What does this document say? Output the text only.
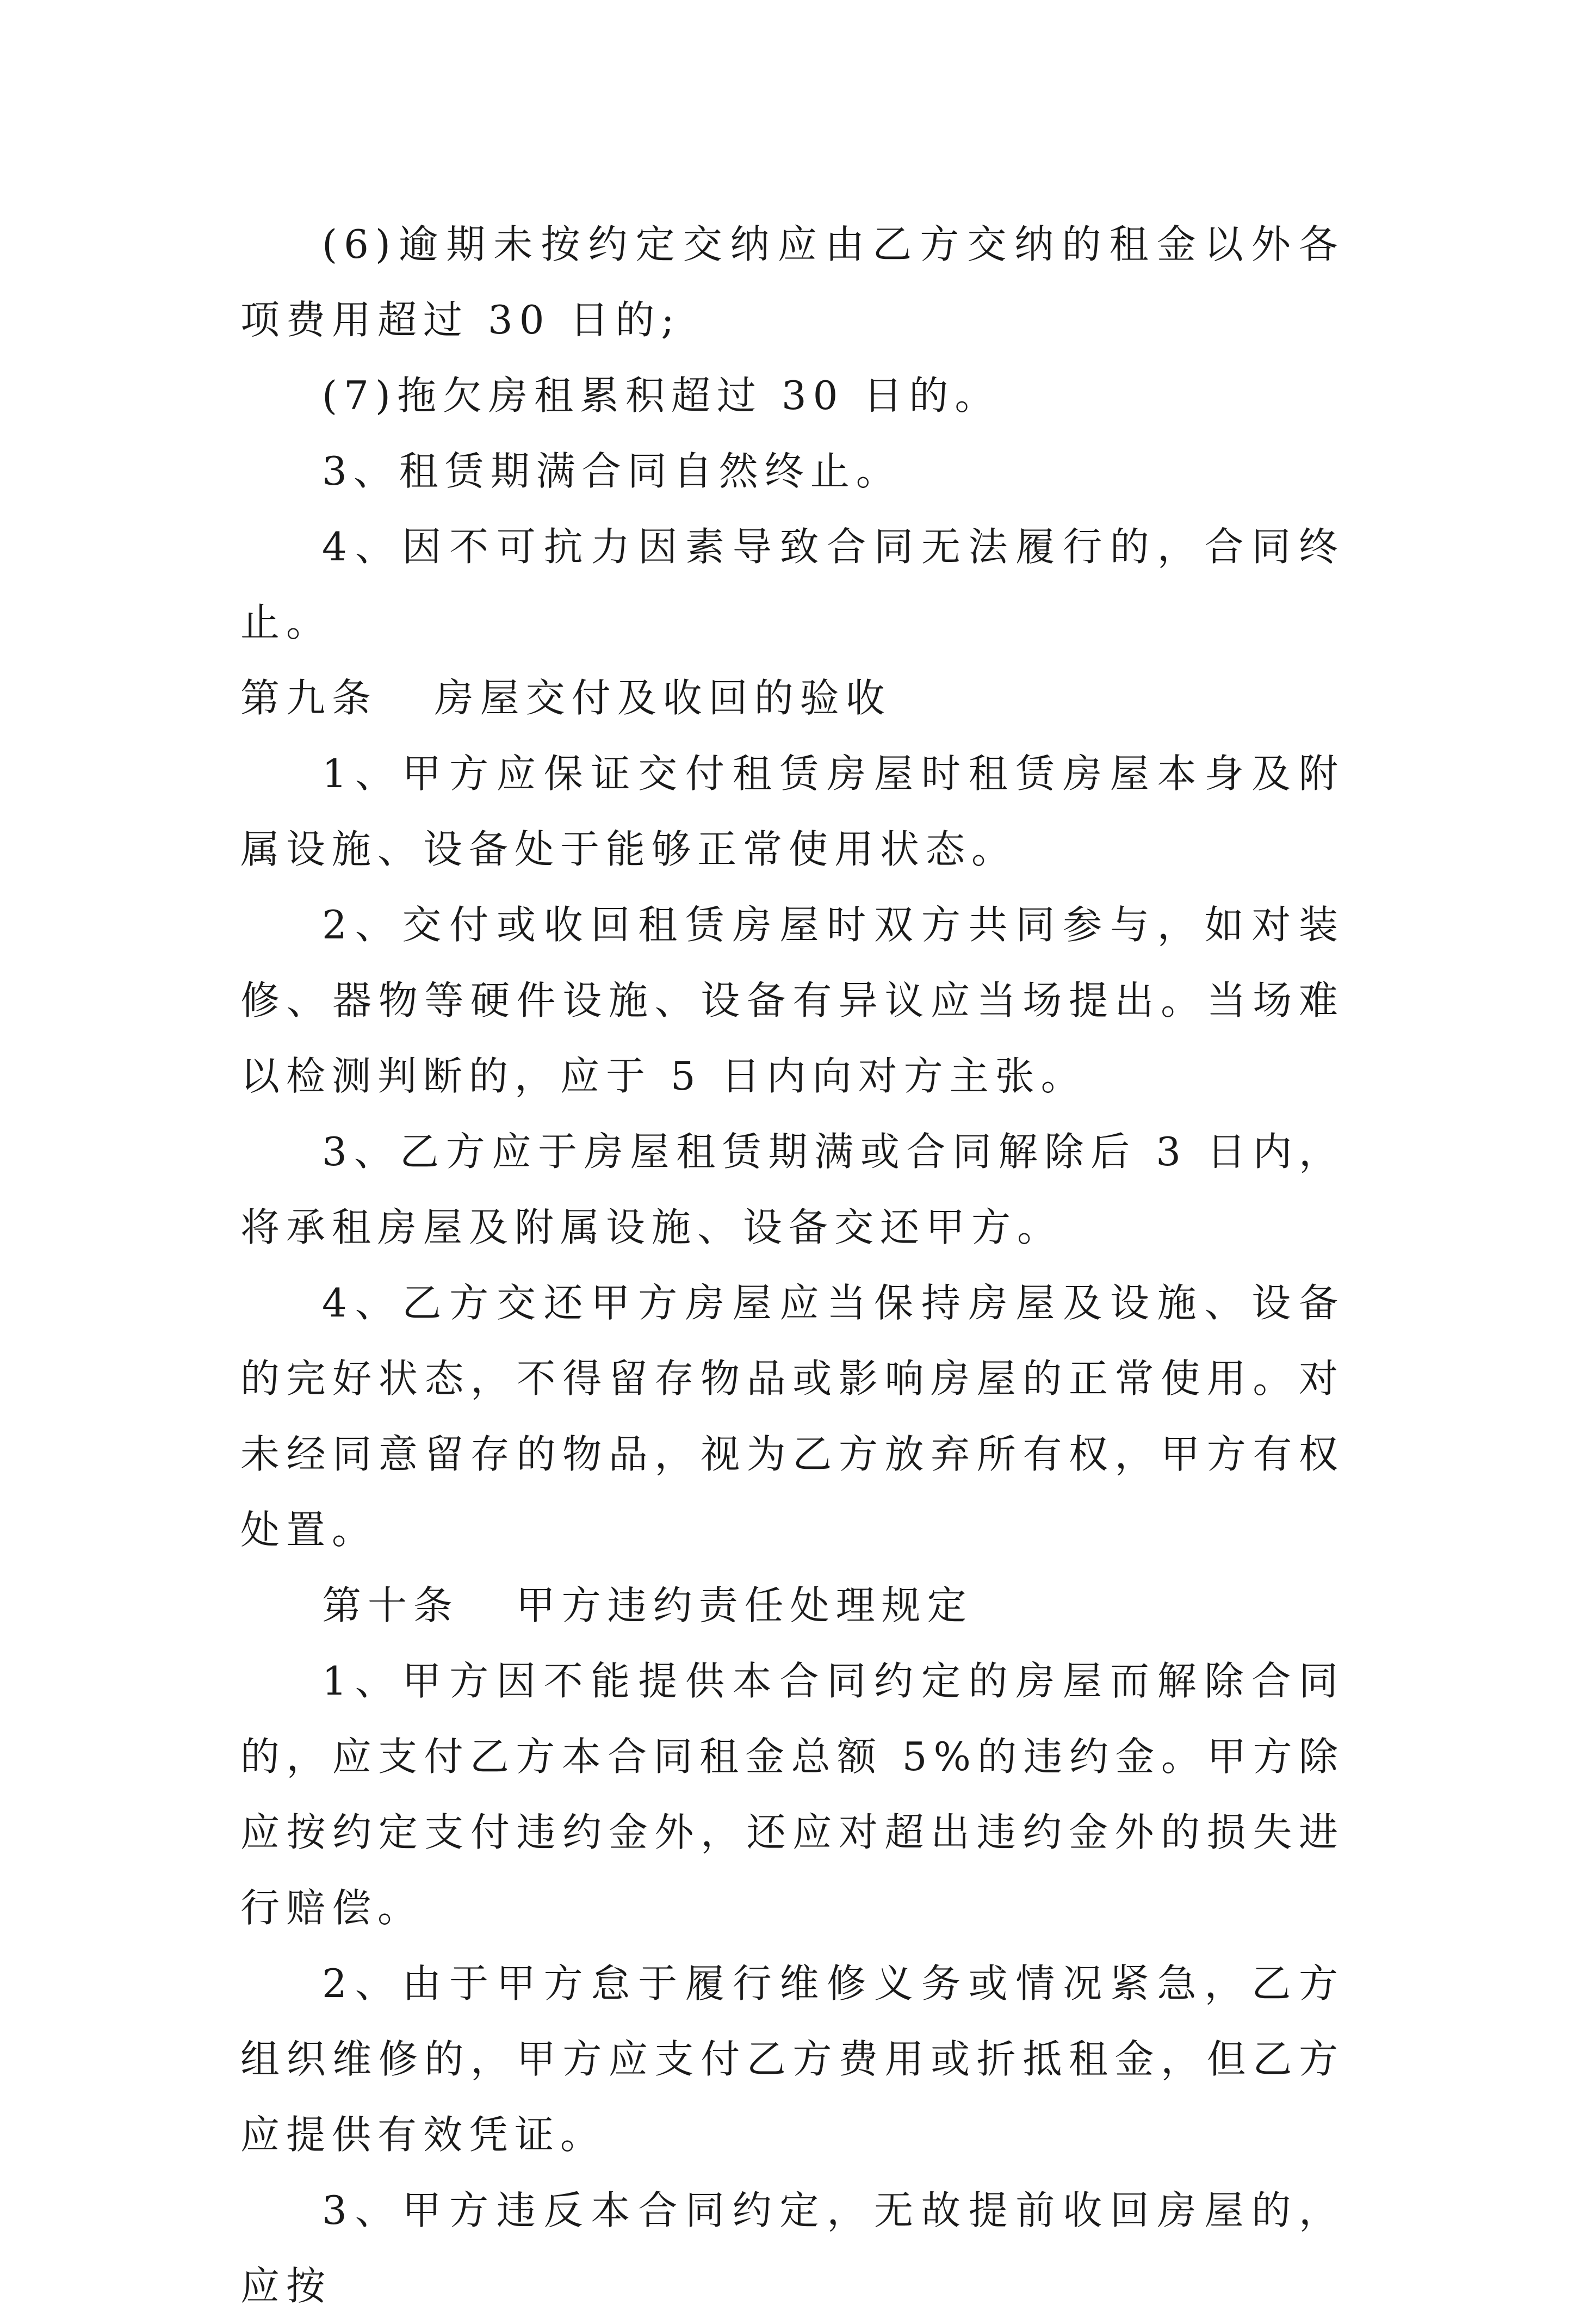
(6)逾期未按约定交纳应由乙方交纳的租金以外各项费用超过 30 日的;

(7)拖欠房租累积超过 30 日的。

3、租赁期满合同自然终止。

4、因不可抗力因素导致合同无法履行的，合同终止。

第九条   房屋交付及收回的验收

1、甲方应保证交付租赁房屋时租赁房屋本身及附属设施、设备处于能够正常使用状态。

2、交付或收回租赁房屋时双方共同参与，如对装修、器物等硬件设施、设备有异议应当场提出。当场难以检测判断的，应于 5 日内向对方主张。

3、乙方应于房屋租赁期满或合同解除后 3 日内，将承租房屋及附属设施、设备交还甲方。

4、乙方交还甲方房屋应当保持房屋及设施、设备的完好状态，不得留存物品或影响房屋的正常使用。对未经同意留存的物品，视为乙方放弃所有权，甲方有权处置。

第十条   甲方违约责任处理规定

1、甲方因不能提供本合同约定的房屋而解除合同的，应支付乙方本合同租金总额 5%的违约金。甲方除应按约定支付违约金外，还应对超出违约金外的损失进行赔偿。

2、由于甲方怠于履行维修义务或情况紧急，乙方组织维修的，甲方应支付乙方费用或折抵租金，但乙方应提供有效凭证。

3、甲方违反本合同约定，无故提前收回房屋的，应按
